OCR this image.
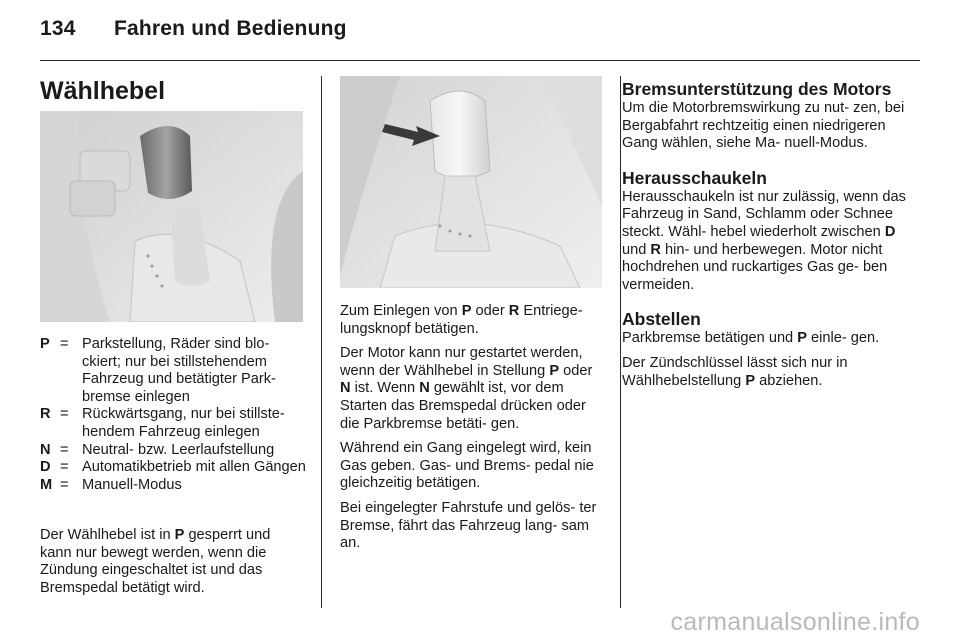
134 Fahren und Bedienung
Wählhebel
P = Parkstellung, Räder sind blo- ckiert; nur bei stillstehendem Fahrzeug und betätigter Park- bremse einlegen
R = Rückwärtsgang, nur bei stillste- hendem Fahrzeug einlegen
N = Neutral- bzw. Leerlaufstellung
D = Automatikbetrieb mit allen Gängen
M = Manuell-Modus

Der Wählhebel ist in P gesperrt und kann nur bewegt werden, wenn die Zündung eingeschaltet ist und das Bremspedal betätigt wird.

Zum Einlegen von P oder R Entriege- lungsknopf betätigen.

Der Motor kann nur gestartet werden, wenn der Wählhebel in Stellung P oder N ist. Wenn N gewählt ist, vor dem Starten das Bremspedal drücken oder die Parkbremse betäti- gen.

Während ein Gang eingelegt wird, kein Gas geben. Gas- und Brems- pedal nie gleichzeitig betätigen.

Bei eingelegter Fahrstufe und gelös- ter Bremse, fährt das Fahrzeug lang- sam an.

Bremsunterstützung des Motors

Um die Motorbremswirkung zu nut- zen, bei Bergabfahrt rechtzeitig einen niedrigeren Gang wählen, siehe Ma- nuell-Modus.

Herausschaukeln

Herausschaukeln ist nur zulässig, wenn das Fahrzeug in Sand, Schlamm oder Schnee steckt. Wähl- hebel wiederholt zwischen D und R hin- und herbewegen. Motor nicht hochdrehen und ruckartiges Gas ge- ben vermeiden.

Abstellen

Parkbremse betätigen und P einle- gen.

Der Zündschlüssel lässt sich nur in Wählhebelstellung P abziehen.

carmanualsonline.info
